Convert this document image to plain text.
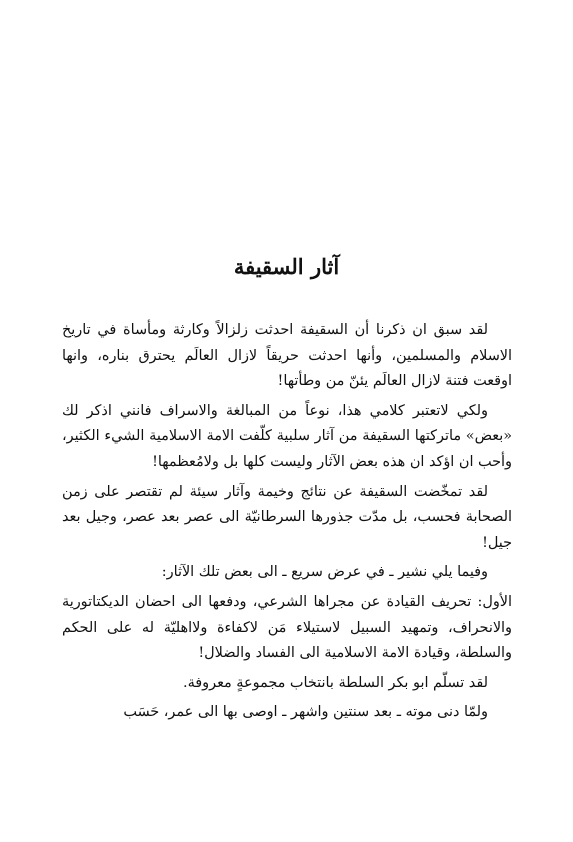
آثار السقيفة

لقد سبق ان ذكرنا أن السقيفة احدثت زلزالاً وكارثة ومأساة في تاريخ الاسلام والمسلمين، وأنها احدثت حريقاً لازال العالَم يحترق بناره، وانها اوقعت فتنة لازال العالَم يئنّ من وطأتها!

ولكي لاتعتبر كلامي هذا، نوعاً من المبالغة والاسراف فانني اذكر لك «بعض» ماتركتها السقيفة من آثار سلبية كلّفت الامة الاسلامية الشيء الكثير، وأحب ان اؤكد ان هذه بعض الآثار وليست كلها بل ولامُعظمها!

لقد تمخّضت السقيفة عن نتائج وخيمة وآثار سيئة لم تقتصر على زمن الصحابة فحسب، بل مدّت جذورها السرطانيّة الى عصر بعد عصر، وجيل بعد جيل!

وفيما يلي نشير ـ في عرض سريع ـ الى بعض تلك الآثار:

الأول: تحريف القيادة عن مجراها الشرعي، ودفعها الى احضان الديكتاتورية والانحراف، وتمهيد السبيل لاستيلاء مَن لاكفاءة ولااهليّة له على الحكم والسلطة، وقيادة الامة الاسلامية الى الفساد والضلال!

لقد تسلّم ابو بكر السلطة بانتخاب مجموعةٍ معروفة.

ولمّا دنى موته ـ بعد سنتين واشهر ـ اوصى بها الى عمر، حَسَب
